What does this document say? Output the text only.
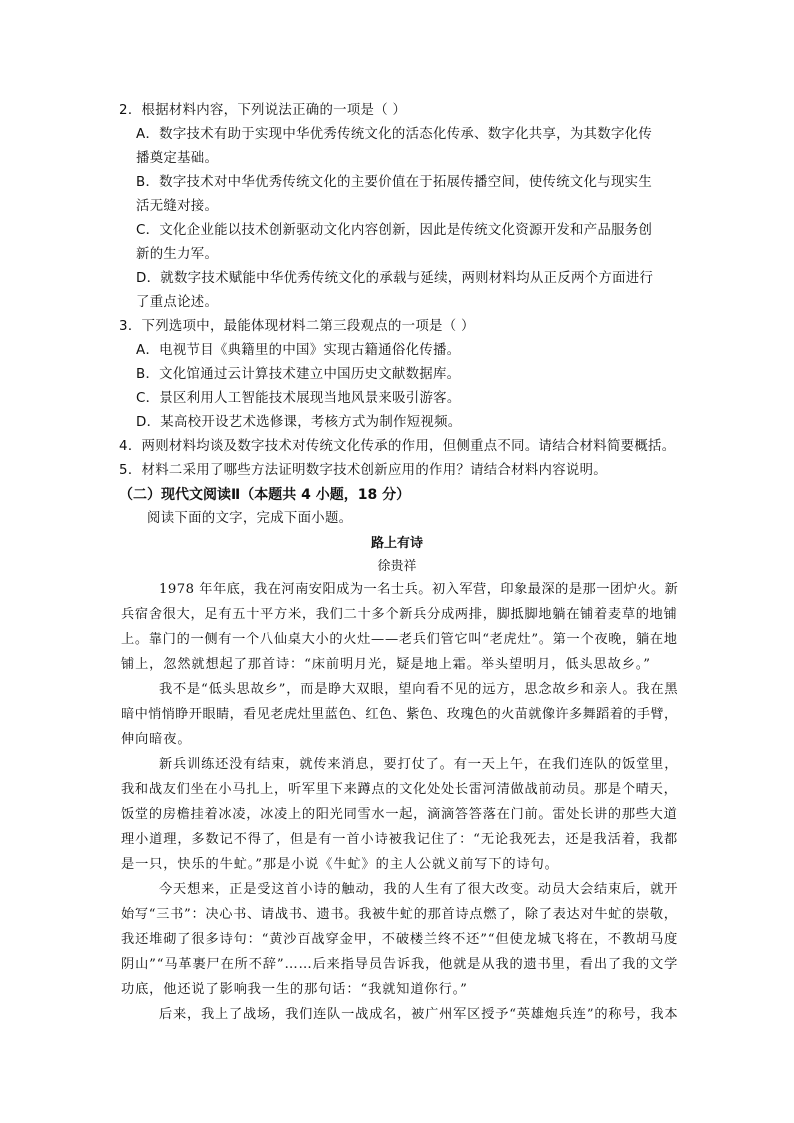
2．根据材料内容，下列说法正确的一项是（ ）
A．数字技术有助于实现中华优秀传统文化的活态化传承、数字化共享，为其数字化传
播奠定基础。
B．数字技术对中华优秀传统文化的主要价值在于拓展传播空间，使传统文化与现实生
活无缝对接。
C．文化企业能以技术创新驱动文化内容创新，因此是传统文化资源开发和产品服务创
新的生力军。
D．就数字技术赋能中华优秀传统文化的承载与延续，两则材料均从正反两个方面进行
了重点论述。
3．下列选项中，最能体现材料二第三段观点的一项是（ ）
A．电视节目《典籍里的中国》实现古籍通俗化传播。
B．文化馆通过云计算技术建立中国历史文献数据库。
C．景区利用人工智能技术展现当地风景来吸引游客。
D．某高校开设艺术选修课，考核方式为制作短视频。
4．两则材料均谈及数字技术对传统文化传承的作用，但侧重点不同。请结合材料简要概括。
5．材料二采用了哪些方法证明数字技术创新应用的作用？请结合材料内容说明。
（二）现代文阅读Ⅱ（本题共 4 小题，18 分）
阅读下面的文字，完成下面小题。
路上有诗
徐贵祥
1978 年年底，我在河南安阳成为一名士兵。初入军营，印象最深的是那一团炉火。新
兵宿舍很大，足有五十平方米，我们二十多个新兵分成两排，脚抵脚地躺在铺着麦草的地铺
上。靠门的一侧有一个八仙桌大小的火灶——老兵们管它叫“老虎灶”。第一个夜晚，躺在地
铺上，忽然就想起了那首诗：“床前明月光，疑是地上霜。举头望明月，低头思故乡。”
我不是“低头思故乡”，而是睁大双眼，望向看不见的远方，思念故乡和亲人。我在黑
暗中悄悄睁开眼睛，看见老虎灶里蓝色、红色、紫色、玫瑰色的火苗就像许多舞蹈着的手臂，
伸向暗夜。
新兵训练还没有结束，就传来消息，要打仗了。有一天上午，在我们连队的饭堂里，
我和战友们坐在小马扎上，听军里下来蹲点的文化处处长雷河清做战前动员。那是个晴天，
饭堂的房檐挂着冰凌，冰凌上的阳光同雪水一起，滴滴答答落在门前。雷处长讲的那些大道
理小道理，多数记不得了，但是有一首小诗被我记住了：“无论我死去，还是我活着，我都
是一只，快乐的牛虻。”那是小说《牛虻》的主人公就义前写下的诗句。
今天想来，正是受这首小诗的触动，我的人生有了很大改变。动员大会结束后，就开
始写“三书”：决心书、请战书、遗书。我被牛虻的那首诗点燃了，除了表达对牛虻的崇敬，
我还堆砌了很多诗句：“黄沙百战穿金甲，不破楼兰终不还”“但使龙城飞将在，不教胡马度
阴山”“马革裹尸在所不辞”……后来指导员告诉我，他就是从我的遗书里，看出了我的文学
功底，他还说了影响我一生的那句话：“我就知道你行。”
后来，我上了战场，我们连队一战成名，被广州军区授予“英雄炮兵连”的称号，我本
